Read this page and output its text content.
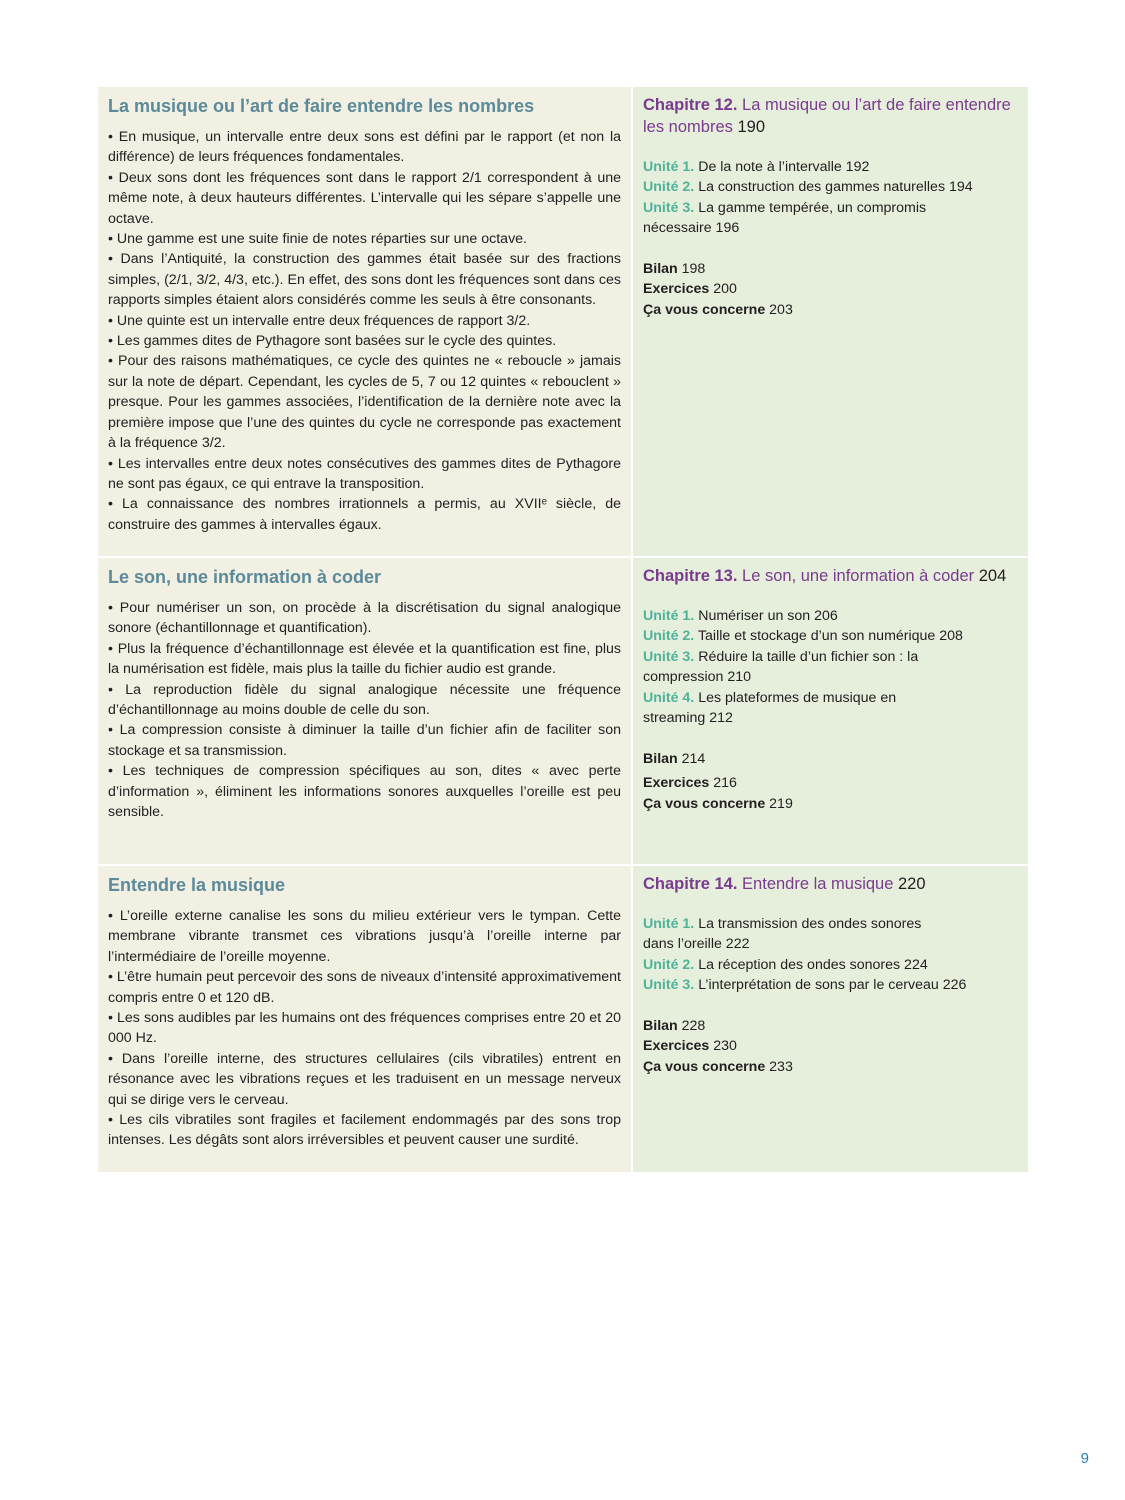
La musique ou l’art de faire entendre les nombres
• En musique, un intervalle entre deux sons est défini par le rapport (et non la différence) de leurs fréquences fondamentales.
• Deux sons dont les fréquences sont dans le rapport 2/1 correspondent à une même note, à deux hauteurs différentes. L’intervalle qui les sépare s’appelle une octave.
• Une gamme est une suite finie de notes réparties sur une octave.
• Dans l’Antiquité, la construction des gammes était basée sur des fractions simples, (2/1, 3/2, 4/3, etc.). En effet, des sons dont les fréquences sont dans ces rapports simples étaient alors considérés comme les seuls à être consonants.
• Une quinte est un intervalle entre deux fréquences de rapport 3/2.
• Les gammes dites de Pythagore sont basées sur le cycle des quintes.
• Pour des raisons mathématiques, ce cycle des quintes ne « reboucle » jamais sur la note de départ. Cependant, les cycles de 5, 7 ou 12 quintes « rebouclent » presque. Pour les gammes associées, l’identification de la dernière note avec la première impose que l’une des quintes du cycle ne corresponde pas exactement à la fréquence 3/2.
• Les intervalles entre deux notes consécutives des gammes dites de Pythagore ne sont pas égaux, ce qui entrave la transposition.
• La connaissance des nombres irrationnels a permis, au XVIIᵉ siècle, de construire des gammes à intervalles égaux.
Chapitre 12. La musique ou l’art de faire entendre les nombres 190
Unité 1. De la note à l’intervalle 192
Unité 2. La construction des gammes naturelles 194
Unité 3. La gamme tempérée, un compromis nécessaire 196
Bilan 198
Exercices 200
Ça vous concerne 203
Le son, une information à coder
• Pour numériser un son, on procède à la discrétisation du signal analogique sonore (échantillonnage et quantification).
• Plus la fréquence d’échantillonnage est élevée et la quantification est fine, plus la numérisation est fidèle, mais plus la taille du fichier audio est grande.
• La reproduction fidèle du signal analogique nécessite une fréquence d’échantillonnage au moins double de celle du son.
• La compression consiste à diminuer la taille d’un fichier afin de faciliter son stockage et sa transmission.
• Les techniques de compression spécifiques au son, dites « avec perte d’information », éliminent les informations sonores auxquelles l’oreille est peu sensible.
Chapitre 13. Le son, une information à coder 204
Unité 1. Numériser un son 206
Unité 2. Taille et stockage d’un son numérique 208
Unité 3. Réduire la taille d’un fichier son : la compression 210
Unité 4. Les plateformes de musique en streaming 212
Bilan 214
Exercices 216
Ça vous concerne 219
Entendre la musique
• L’oreille externe canalise les sons du milieu extérieur vers le tympan. Cette membrane vibrante transmet ces vibrations jusqu’à l’oreille interne par l’intermédiaire de l’oreille moyenne.
• L’être humain peut percevoir des sons de niveaux d’intensité approximativement compris entre 0 et 120 dB.
• Les sons audibles par les humains ont des fréquences comprises entre 20 et 20 000 Hz.
• Dans l’oreille interne, des structures cellulaires (cils vibratiles) entrent en résonance avec les vibrations reçues et les traduisent en un message nerveux qui se dirige vers le cerveau.
• Les cils vibratiles sont fragiles et facilement endommagés par des sons trop intenses. Les dégâts sont alors irréversibles et peuvent causer une surdité.
Chapitre 14. Entendre la musique 220
Unité 1. La transmission des ondes sonores dans l’oreille 222
Unité 2. La réception des ondes sonores 224
Unité 3. L’interprétation de sons par le cerveau 226
Bilan 228
Exercices 230
Ça vous concerne 233
9
